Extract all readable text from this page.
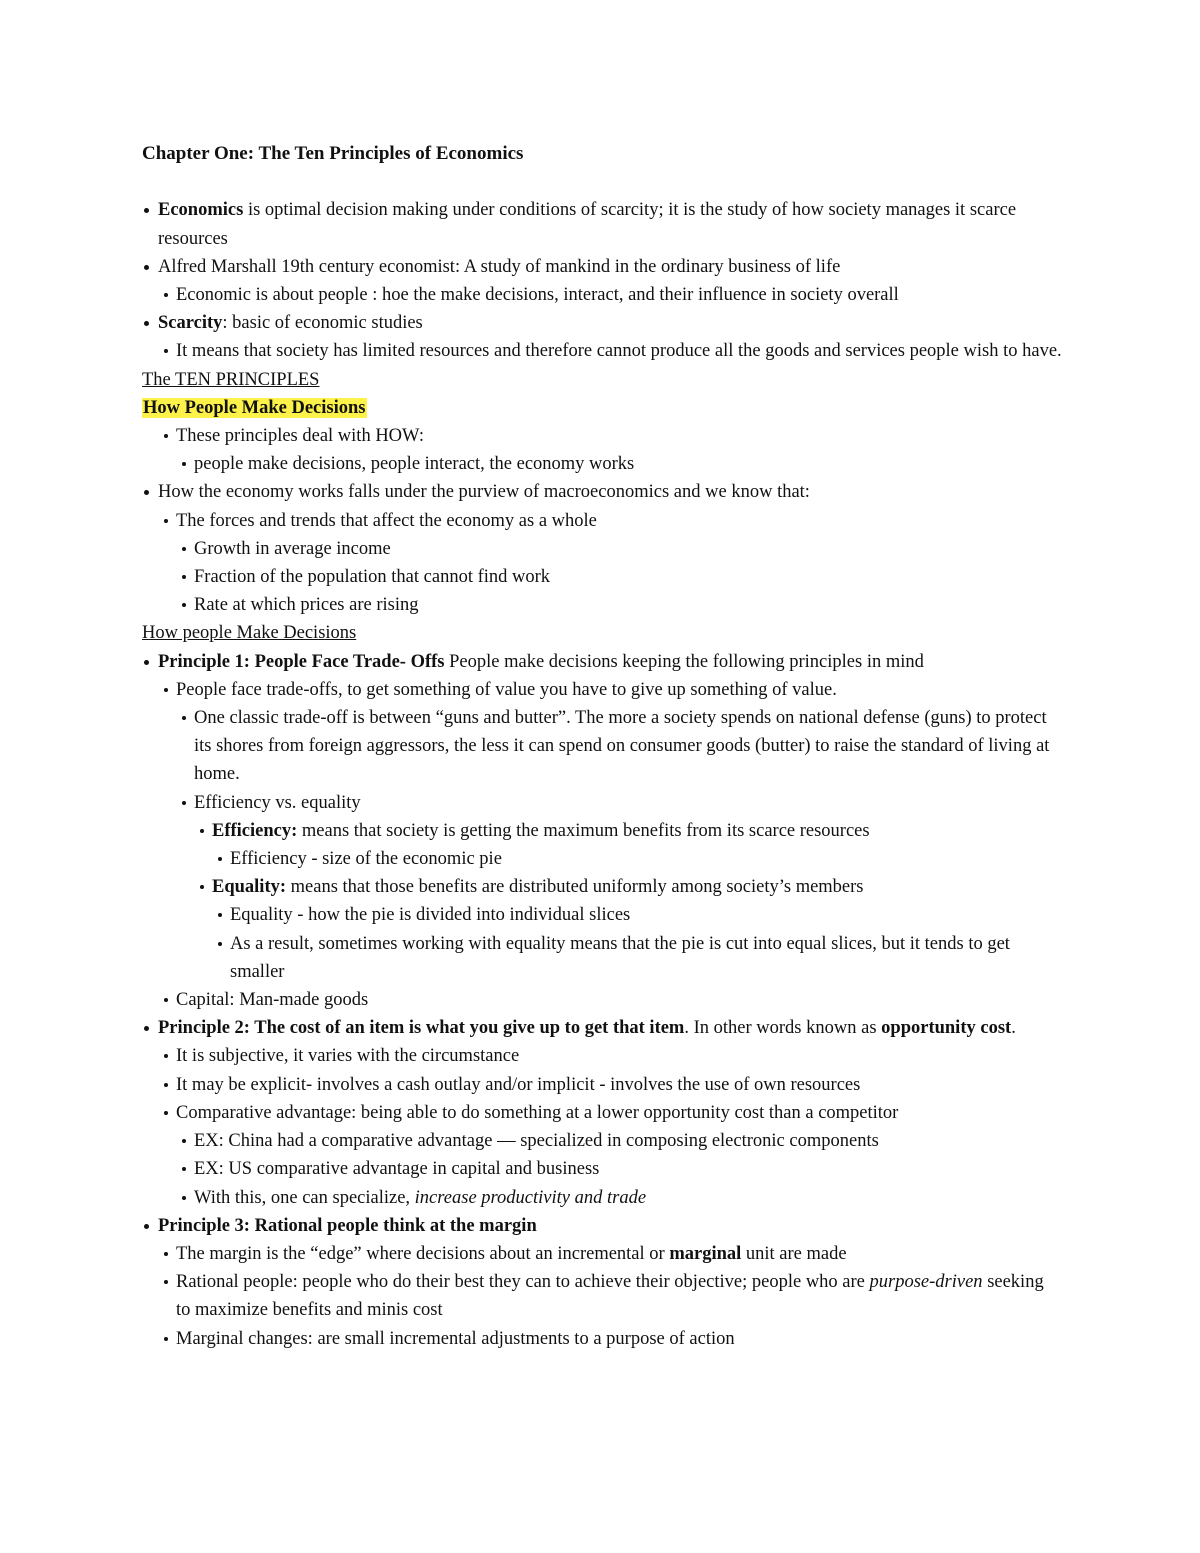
Chapter One: The Ten Principles of Economics
Economics is optimal decision making under conditions of scarcity; it is the study of how society manages it scarce resources
Alfred Marshall 19th century economist: A study of mankind in the ordinary business of life
Economic is about people : hoe the make decisions, interact, and their influence in society overall
Scarcity: basic of economic studies
It means that society has limited resources and therefore cannot produce all the goods and services people wish to have.
The TEN PRINCIPLES
How People Make Decisions
These principles deal with HOW:
people make decisions, people interact, the economy works
How the economy works falls under the purview of macroeconomics and we know that:
The forces and trends that affect the economy as a whole
Growth in average income
Fraction of the population that cannot find work
Rate at which prices are rising
How people Make Decisions
Principle 1: People Face Trade- Offs People make decisions keeping the following principles in mind
People face trade-offs, to get something of value you have to give up something of value.
One classic trade-off is between “guns and butter”. The more a society spends on national defense (guns) to protect its shores from foreign aggressors, the less it can spend on consumer goods (butter) to raise the standard of living at home.
Efficiency vs. equality
Efficiency: means that society is getting the maximum benefits from its scarce resources
Efficiency - size of the economic pie
Equality: means that those benefits are distributed uniformly among society’s members
Equality - how the pie is divided into individual slices
As a result, sometimes working with equality means that the pie is cut into equal slices, but it tends to get smaller
Capital: Man-made goods
Principle 2: The cost of an item is what you give up to get that item. In other words known as opportunity cost.
It is subjective, it varies with the circumstance
It may be explicit- involves a cash outlay and/or implicit - involves the use of own resources
Comparative advantage: being able to do something at a lower opportunity cost than a competitor
EX: China had a comparative advantage — specialized in composing electronic components
EX: US comparative advantage in capital and business
With this, one can specialize, increase productivity and trade
Principle 3: Rational people think at the margin
The margin is the “edge” where decisions about an incremental or marginal unit are made
Rational people: people who do their best they can to achieve their objective; people who are purpose-driven seeking to maximize benefits and minis cost
Marginal changes: are small incremental adjustments to a purpose of action
